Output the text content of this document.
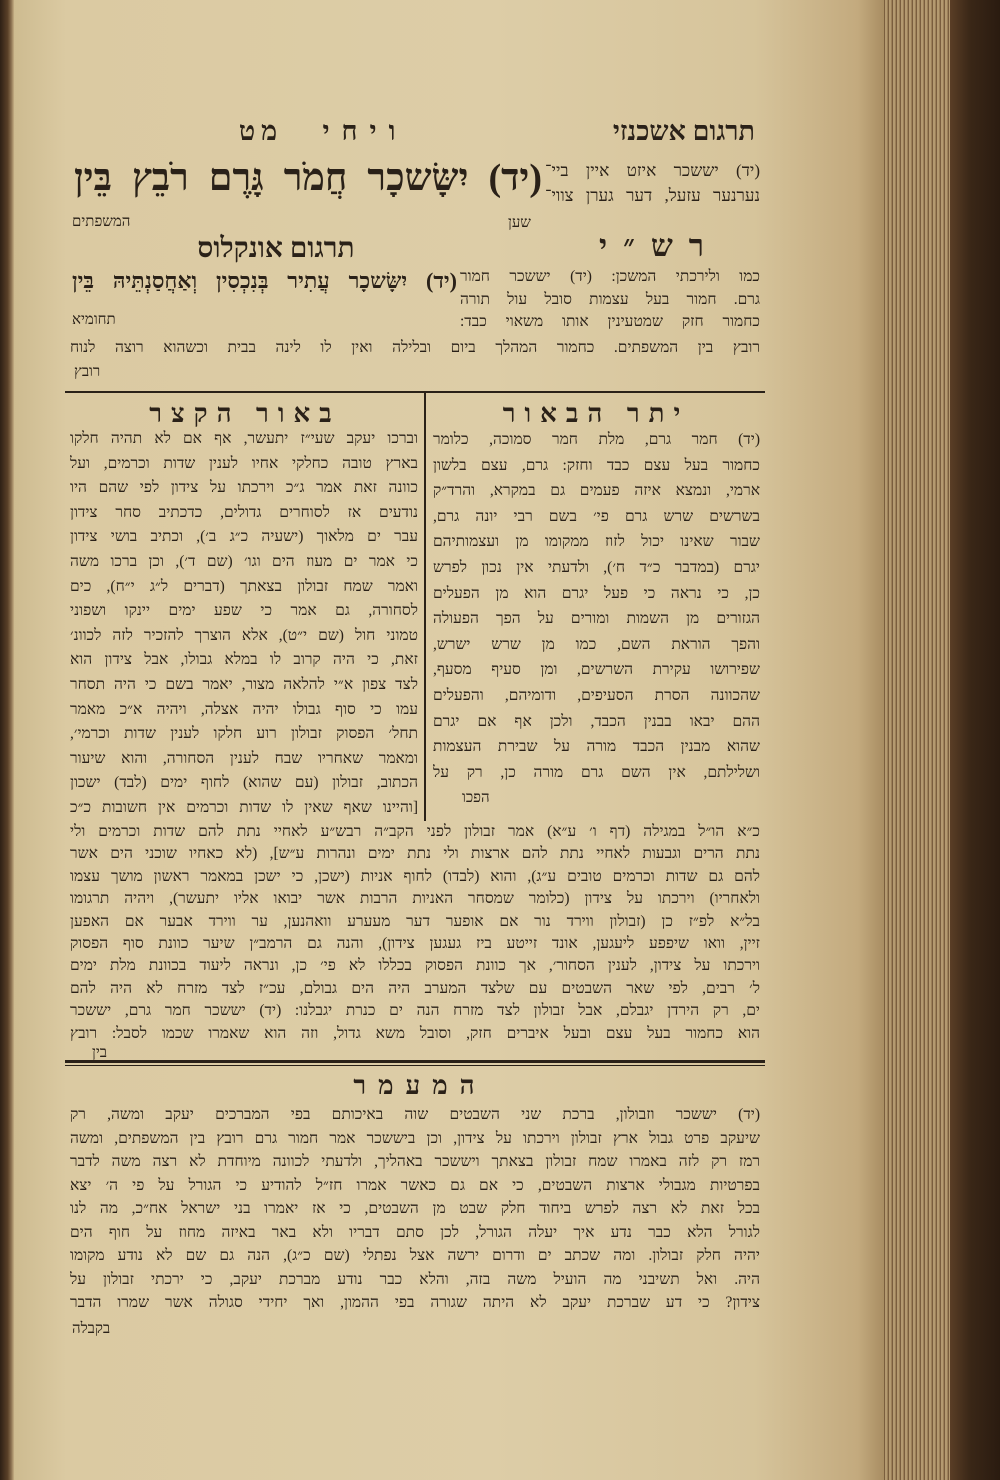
תרגום אשכנזי
ויחי
מט
(יד) יששכר איזט איין ביי־
נערנער עזעל, דער גערן צווי־
שען
(יד) יִשָּׂשכָר חֲמֹר גָּרֶם רֹבֵץ בֵּין
המשפתים
רש״י
תרגום אונקלוס
כמו ולירכתי המשכן: (יד) יששכר חמור
גרם. חמור בעל עצמות סובל עול תורה
כחמור חזק שמטעינין אותו משאוי כבד:
(יד) יִשָּׂשכָר עֲתִיר בְּנִכְסִין וְאַחֲסַנְתֵּיהּ בֵּין
תחומיא
רובץ בין המשפתים. כחמור המהלך ביום ובלילה ואין לו לינה בבית וכשהוא רוצה לנוח
רובץ
יתר הבאור
באור הקצר
(יד) חמר גרם, מלת חמר סמוכה, כלומר
כחמור בעל עצם כבד וחזק: גרם, עצם בלשון
ארמי, ונמצא איזה פעמים גם במקרא, והרד״ק
בשרשים שרש גרם פי׳ בשם רבי יונה גרם,
שבור שאינו יכול לזוז ממקומו מן ועצמותיהם
יגרם (במדבר כ״ד ח׳), ולדעתי אין נכון לפרש
כן, כי נראה כי פעל יגרם הוא מן הפעלים
הגזורים מן השמות ומורים על הפך הפעולה
והפך הוראת השם, כמו מן שרש ישרש,
שפירושו עקירת השרשים, ומן סעיף מסעף,
שהכוונה הסרת הסעיפים, ודומיהם, והפעלים
ההם יבאו בבנין הכבד, ולכן אף אם יגרם
שהוא מבנין הכבד מורה על שבירת העצמות
ושלילתם, אין השם גרם מורה כן, רק על
הפכו
וברכו יעקב שעי״ז יתעשר, אף אם לא תהיה חלקו
בארץ טובה כחלקי אחיו לענין שדות וכרמים, ועל
כוונה זאת אמר ג״כ וירכתו על צידון לפי שהם היו
נודעים אז לסוחרים גדולים, כדכתיב סחר צידון
עבר ים מלאוך (ישעיה כ״ג ב׳), וכתיב בושי צידון
כי אמר ים מעוז הים וגו׳ (שם ד׳), וכן ברכו משה
ואמר שמח זבולון בצאתך (דברים ל״ג י״ח), כים
לסחורה, גם אמר כי שפע ימים יינקו ושפוני
טמוני חול (שם י״ט), אלא הוצרך להזכיר לזה לכוונ׳
זאת, כי היה קרוב לו במלא גבולו, אבל צידון הוא
לצד צפון א״י להלאה מצור, יאמר בשם כי היה תסחר
עמו כי סוף גבולו יהיה אצלה, ויהיה א״כ מאמר
תחל׳ הפסוק זבולון רוע חלקו לענין שדות וכרמי׳,
ומאמר שאחריו שבח לענין הסחורה, והוא שיעור
הכתוב, זבולון (עם שהוא) לחוף ימים (לבד) ישכון
[והיינו שאף שאין לו שדות וכרמים אין חשובות כ״כ
כ״א הו״ל במגילה (דף ו׳ ע״א) אמר זבולון לפני הקב״ה רבש״ע לאחיי נתת להם שדות וכרמים ולי
נתת הרים וגבעות לאחיי נתת להם ארצות ולי נתת ימים ונהרות ע״ש], (לא כאחיו שוכני הים אשר
להם גם שדות וכרמים טובים ע״ג), והוא (לבדו) לחוף אניות (ישכן, כי ישכן במאמר ראשון מושך עצמו
ולאחריו) וירכתו על צידון (כלומר שמסחר האניות הרבות אשר יבואו אליו יתעשר), ויהיה תרגומו
בל״א לפ״ז כן (זבולון ווירד נור אם אופער דער מעערע וואהנען, ער ווירד אבער אם האפען
זיין, וואו שיפפע ליעגען, אונד זייטע ביז געגען צידון), והנה גם הרמב״ן שיער כוונת סוף הפסוק
וירכתו על צידון, לענין הסחור׳, אך כוונת הפסוק בכללו לא פי׳ כן, ונראה ליעוד בכוונת מלת ימים
ל׳ רבים, לפי שאר השבטים עם שלצד המערב היה הים גבולם, עכ״ז לצד מזרח לא היה להם
ים, רק הירדן יגבלם, אבל זבולון לצד מזרח הנה ים כנרת יגבלנו: (יד) יששכר חמר גרם, יששכר
הוא כחמור בעל עצם ובעל איברים חזק, וסובל משא גדול, וזה הוא שאמרו שכמו לסבל: רובץ
בין
המעמר
(יד) יששכר וזבולון, ברכת שני השבטים שוה באיכותם בפי המברכים יעקב ומשה, רק
שיעקב פרט גבול ארץ זבולון וירכתו על צידון, וכן ביששכר אמר חמור גרם רובץ בין המשפתים, ומשה
רמז רק לזה באמרו שמח זבולון בצאתך ויששכר באהליך, ולדעתי לכוונה מיוחדת לא רצה משה לדבר
בפרטיות מגבולי ארצות השבטים, כי אם גם כאשר אמרו חז״ל להודיע כי הגורל על פי ה׳ יצא
בכל זאת לא רצה לפרש ביחוד חלק שבט מן השבטים, כי אז יאמרו בני ישראל אח״כ, מה לנו
לגורל הלא כבר נדע איך יעלה הגורל, לכן סתם דבריו ולא באר באיזה מחוז על חוף הים
יהיה חלק זבולון. ומה שכתב ים ודרום ירשה אצל נפתלי (שם כ״ג), הנה גם שם לא נודע מקומו
היה. ואל תשיבני מה הועיל משה בזה, והלא כבר נודע מברכת יעקב, כי ירכתי זבולון על
צידון? כי דע שברכת יעקב לא היתה שגורה בפי ההמון, ואך יחידי סגולה אשר שמרו הדבר
בקבלה
